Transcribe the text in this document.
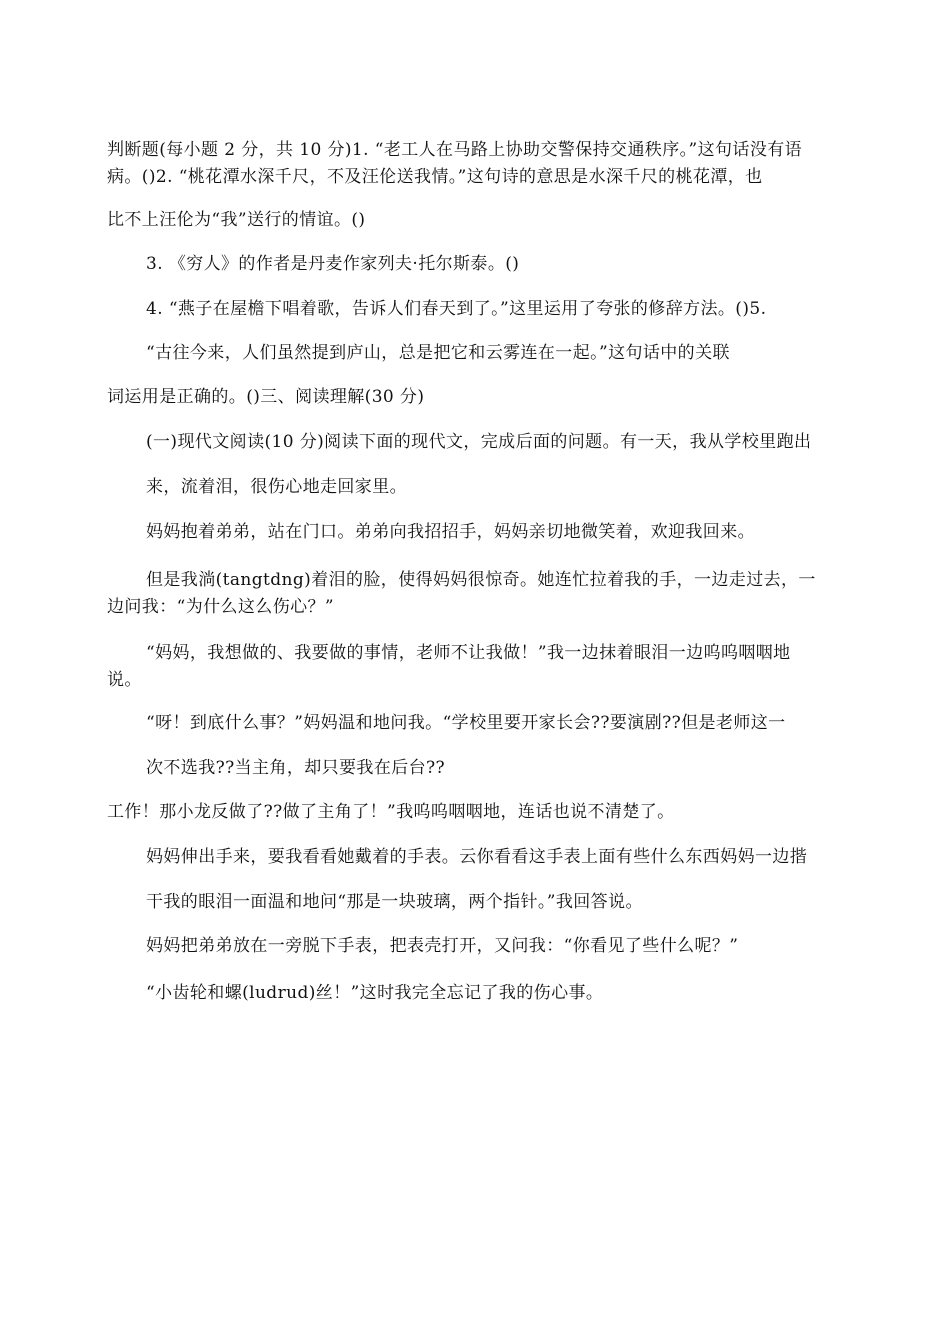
判断题(每小题 2 分，共 10 分)1. “老工人在马路上协助交警保持交通秩序。”这句话没有语
病。()2. “桃花潭水深千尺，不及汪伦送我情。”这句诗的意思是水深千尺的桃花潭，也
比不上汪伦为“我”送行的情谊。()
3. 《穷人》的作者是丹麦作家列夫·托尔斯泰。()
4. “燕子在屋檐下唱着歌，告诉人们春天到了。”这里运用了夸张的修辞方法。()5.
“古往今来，人们虽然提到庐山，总是把它和云雾连在一起。”这句话中的关联
词运用是正确的。()三、阅读理解(30 分)
(一)现代文阅读(10 分)阅读下面的现代文，完成后面的问题。有一天，我从学校里跑出
来，流着泪，很伤心地走回家里。
妈妈抱着弟弟，站在门口。弟弟向我招招手，妈妈亲切地微笑着，欢迎我回来。
但是我淌(tangtdng)着泪的脸，使得妈妈很惊奇。她连忙拉着我的手，一边走过去，一
边问我：“为什么这么伤心？”
“妈妈，我想做的、我要做的事情，老师不让我做！”我一边抹着眼泪一边呜呜咽咽地
说。
“呀！到底什么事？”妈妈温和地问我。“学校里要开家长会??要演剧??但是老师这一
次不选我??当主角，却只要我在后台??
工作！那小龙反做了??做了主角了！”我呜呜咽咽地，连话也说不清楚了。
妈妈伸出手来，要我看看她戴着的手表。云你看看这手表上面有些什么东西妈妈一边揩
干我的眼泪一面温和地问“那是一块玻璃，两个指针。”我回答说。
妈妈把弟弟放在一旁脱下手表，把表壳打开，又问我：“你看见了些什么呢？”
“小齿轮和螺(ludrud)丝！”这时我完全忘记了我的伤心事。
